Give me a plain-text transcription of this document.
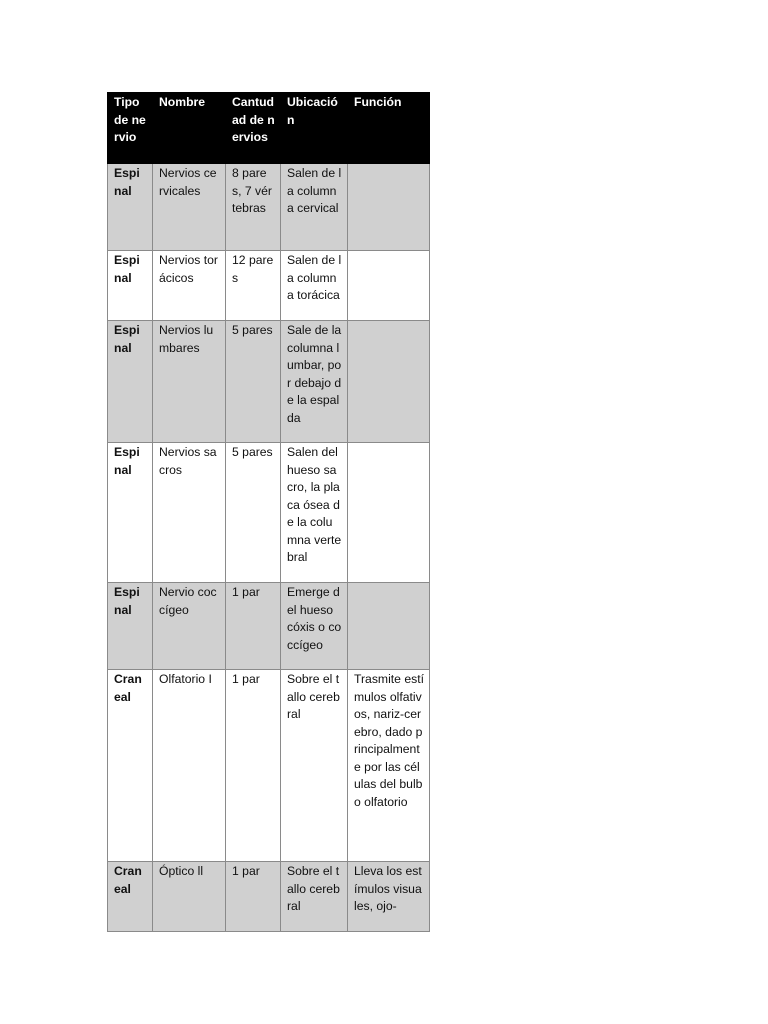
Tipo de nervio	Nombre	Cantudad de nervios	Ubicación	Función
Espinal	Nervios cervicales	8 pares, 7 vértebras	Salen de la columna cervical	
Espinal	Nervios torácicos	12 pares	Salen de la columna torácica	
Espinal	Nervios lumbares	5 pares	Sale de la columna lumbar, por debajo de la espalda	
Espinal	Nervios sacros	5 pares	Salen del hueso sacro, la placa ósea de la columna vertebral	
Espinal	Nervio coccígeo	1 par	Emerge del hueso cóxis o coccígeo	
Craneal	Olfatorio I	1 par	Sobre el tallo cerebral	Trasmite estímulos olfativos, nariz-cerebro, dado principalmente por las células del bulbo olfatorio
Craneal	Óptico ll	1 par	Sobre el tallo cerebral	Lleva los estímulos visuales, ojo-
